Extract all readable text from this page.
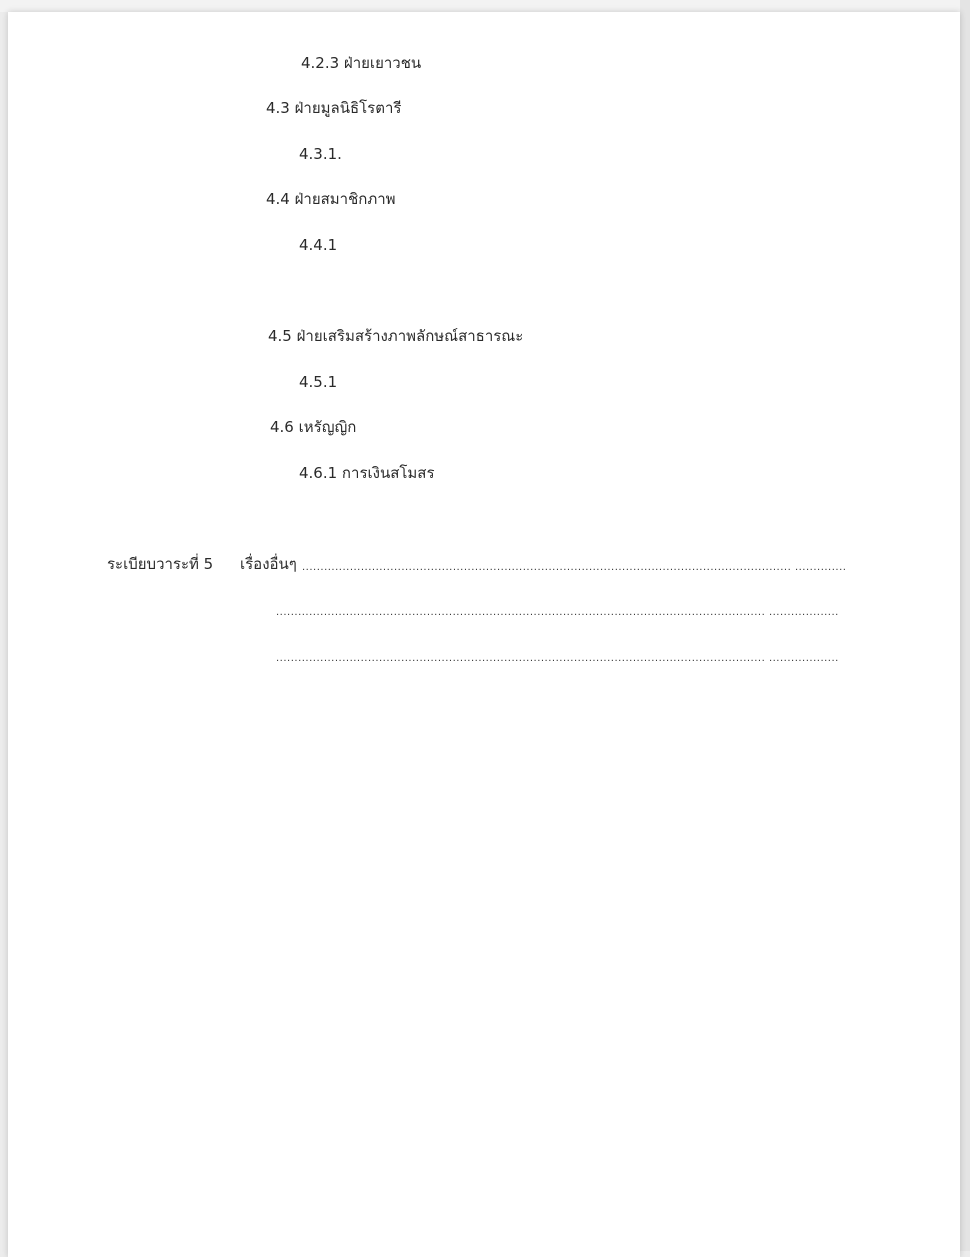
4.2.3 ฝ่ายเยาวชน
4.3 ฝ่ายมูลนิธิโรตารี
4.3.1.
4.4 ฝ่ายสมาชิกภาพ
4.4.1
4.5 ฝ่ายเสริมสร้างภาพลักษณ์สาธารณะ
4.5.1
4.6 เหรัญญิก
4.6.1 การเงินสโมสร
ระเบียบวาระที่ 5 เรื่องอื่นๆ ..................................................................................................................................... ..............
..................................................................................................................................... ...................
..................................................................................................................................... ...................
